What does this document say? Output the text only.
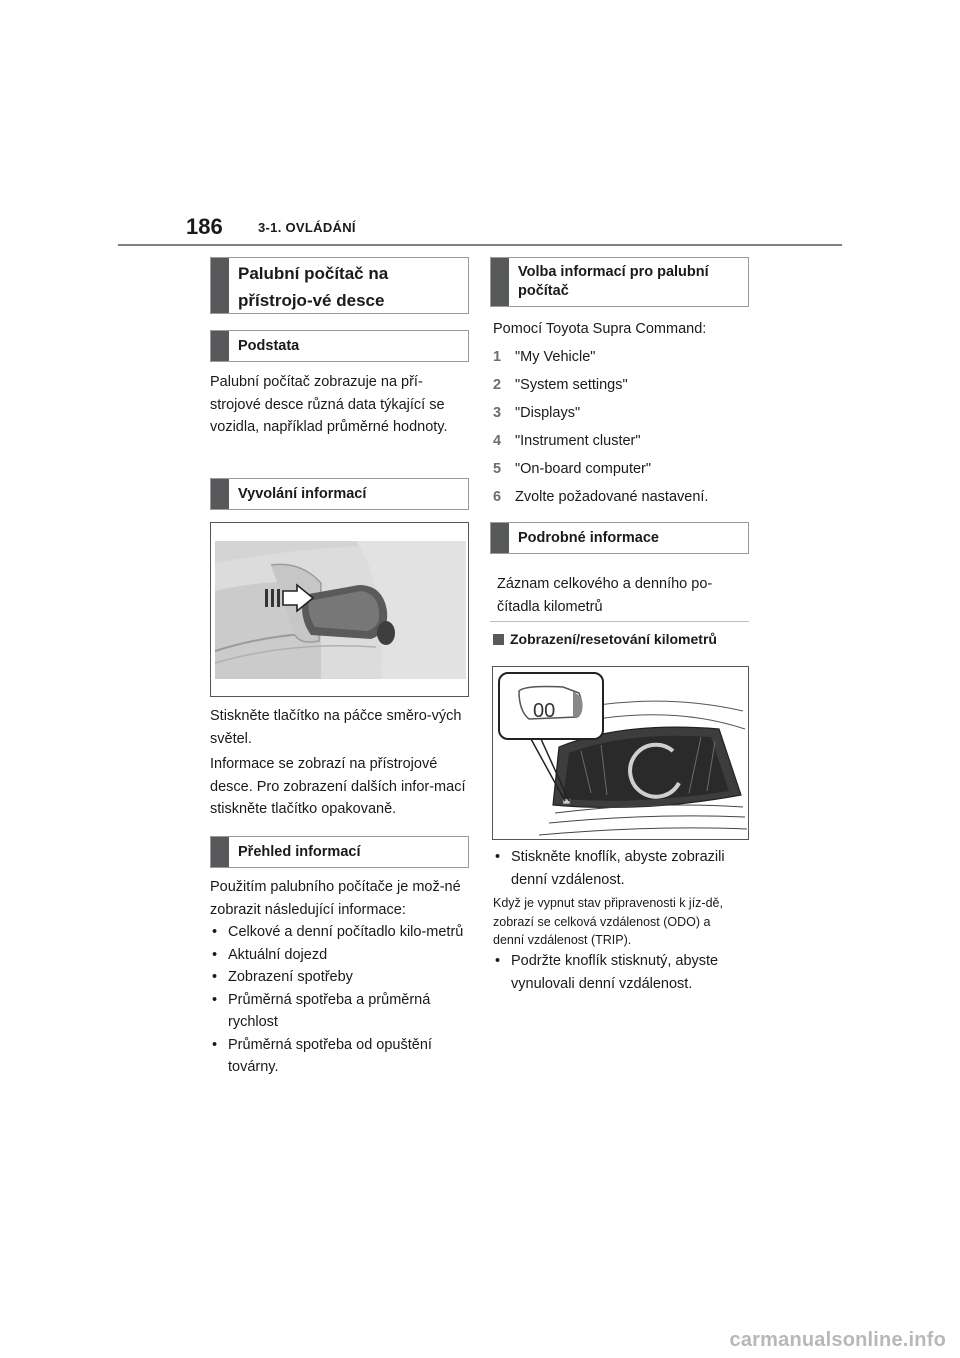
186	3-1. OVLÁDÁNÍ
Palubní počítač na přístrojo-vé desce
Podstata
Palubní počítač zobrazuje na pří-strojové desce různá data týkající se vozidla, například průměrné hodnoty.
Vyvolání informací
Stiskněte tlačítko na páčce směro-vých světel.
Informace se zobrazí na přístrojové desce. Pro zobrazení dalších infor-mací stiskněte tlačítko opakovaně.
Přehled informací
Použitím palubního počítače je mož-né zobrazit následující informace:
• Celkové a denní počítadlo kilo-metrů
• Aktuální dojezd
• Zobrazení spotřeby
• Průměrná spotřeba a průměrná rychlost
• Průměrná spotřeba od opuštění továrny.
Volba informací pro palubní počítač
Pomocí Toyota Supra Command:
1 "My Vehicle"
2 "System settings"
3 "Displays"
4 "Instrument cluster"
5 "On-board computer"
6 Zvolte požadované nastavení.
Podrobné informace
Záznam celkového a denního po-čítadla kilometrů
Zobrazení/resetování kilometrů
00
• Stiskněte knoflík, abyste zobrazili denní vzdálenost.
Když je vypnut stav připravenosti k jíz-dě, zobrazí se celková vzdálenost (ODO) a denní vzdálenost (TRIP).
• Podržte knoflík stisknutý, abyste vynulovali denní vzdálenost.
carmanualsonline.info
